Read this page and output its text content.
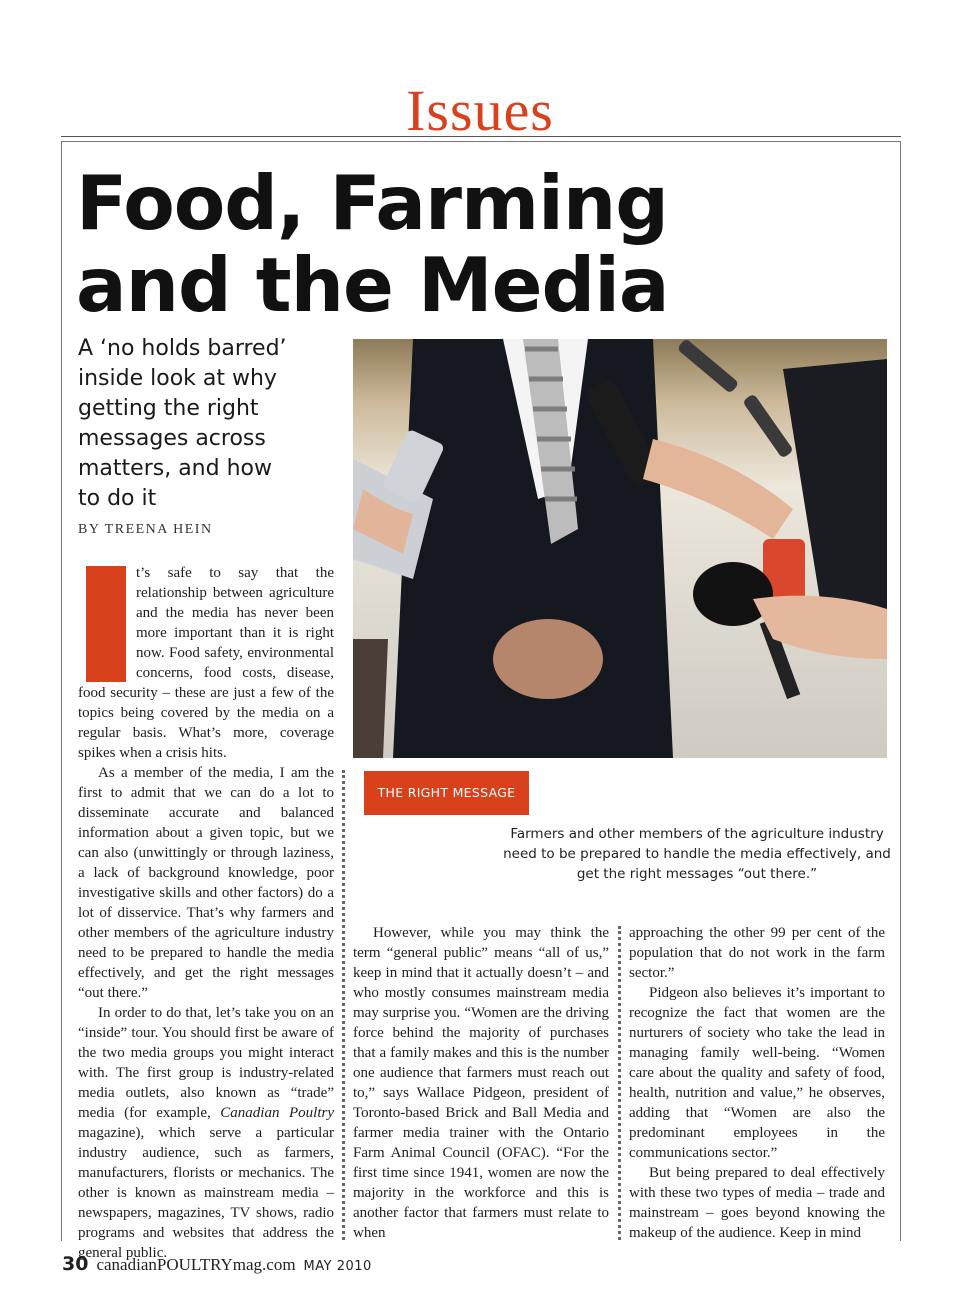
Issues
Food, Farming
and the Media
A ‘no holds barred’
inside look at why
getting the right
messages across
matters, and how
to do it
BY TREENA HEIN

t’s safe to say that the relationship between agriculture and the media has never been more important than it is right now. Food safety, environmental concerns, food costs, disease, food security – these are just a few of the topics being covered by the media on a regular basis. What’s more, coverage spikes when a crisis hits.

As a member of the media, I am the first to admit that we can do a lot to disseminate accurate and balanced information about a given topic, but we can also (unwittingly or through laziness, a lack of background knowledge, poor investigative skills and other factors) do a lot of disservice. That’s why farmers and other members of the agriculture industry need to be prepared to handle the media effectively, and get the right messages “out there.”

In order to do that, let’s take you on an “inside” tour. You should first be aware of the two media groups you might interact with. The first group is industry-related media outlets, also known as “trade” media (for example, Canadian Poultry magazine), which serve a particular industry audience, such as farmers, manufacturers, florists or mechanics. The other is known as mainstream media – newspapers, magazines, TV shows, radio programs and websites that address the general public.

THE RIGHT MESSAGE
Farmers and other members of the agriculture industry need to be prepared to handle the media effectively, and get the right messages “out there.”

However, while you may think the term “general public” means “all of us,” keep in mind that it actually doesn’t – and who mostly consumes mainstream media may surprise you. “Women are the driving force behind the majority of purchases that a family makes and this is the number one audience that farmers must reach out to,” says Wallace Pidgeon, president of Toronto-based Brick and Ball Media and farmer media trainer with the Ontario Farm Animal Council (OFAC). “For the first time since 1941, women are now the majority in the workforce and this is another factor that farmers must relate to when

approaching the other 99 per cent of the population that do not work in the farm sector.”

Pidgeon also believes it’s important to recognize the fact that women are the nurturers of society who take the lead in managing family well-being. “Women care about the quality and safety of food, health, nutrition and value,” he observes, adding that “Women are also the predominant employees in the communications sector.”

But being prepared to deal effectively with these two types of media – trade and mainstream – goes beyond knowing the makeup of the audience. Keep in mind

30 canadianPOULTRYmag.com MAY 2010
